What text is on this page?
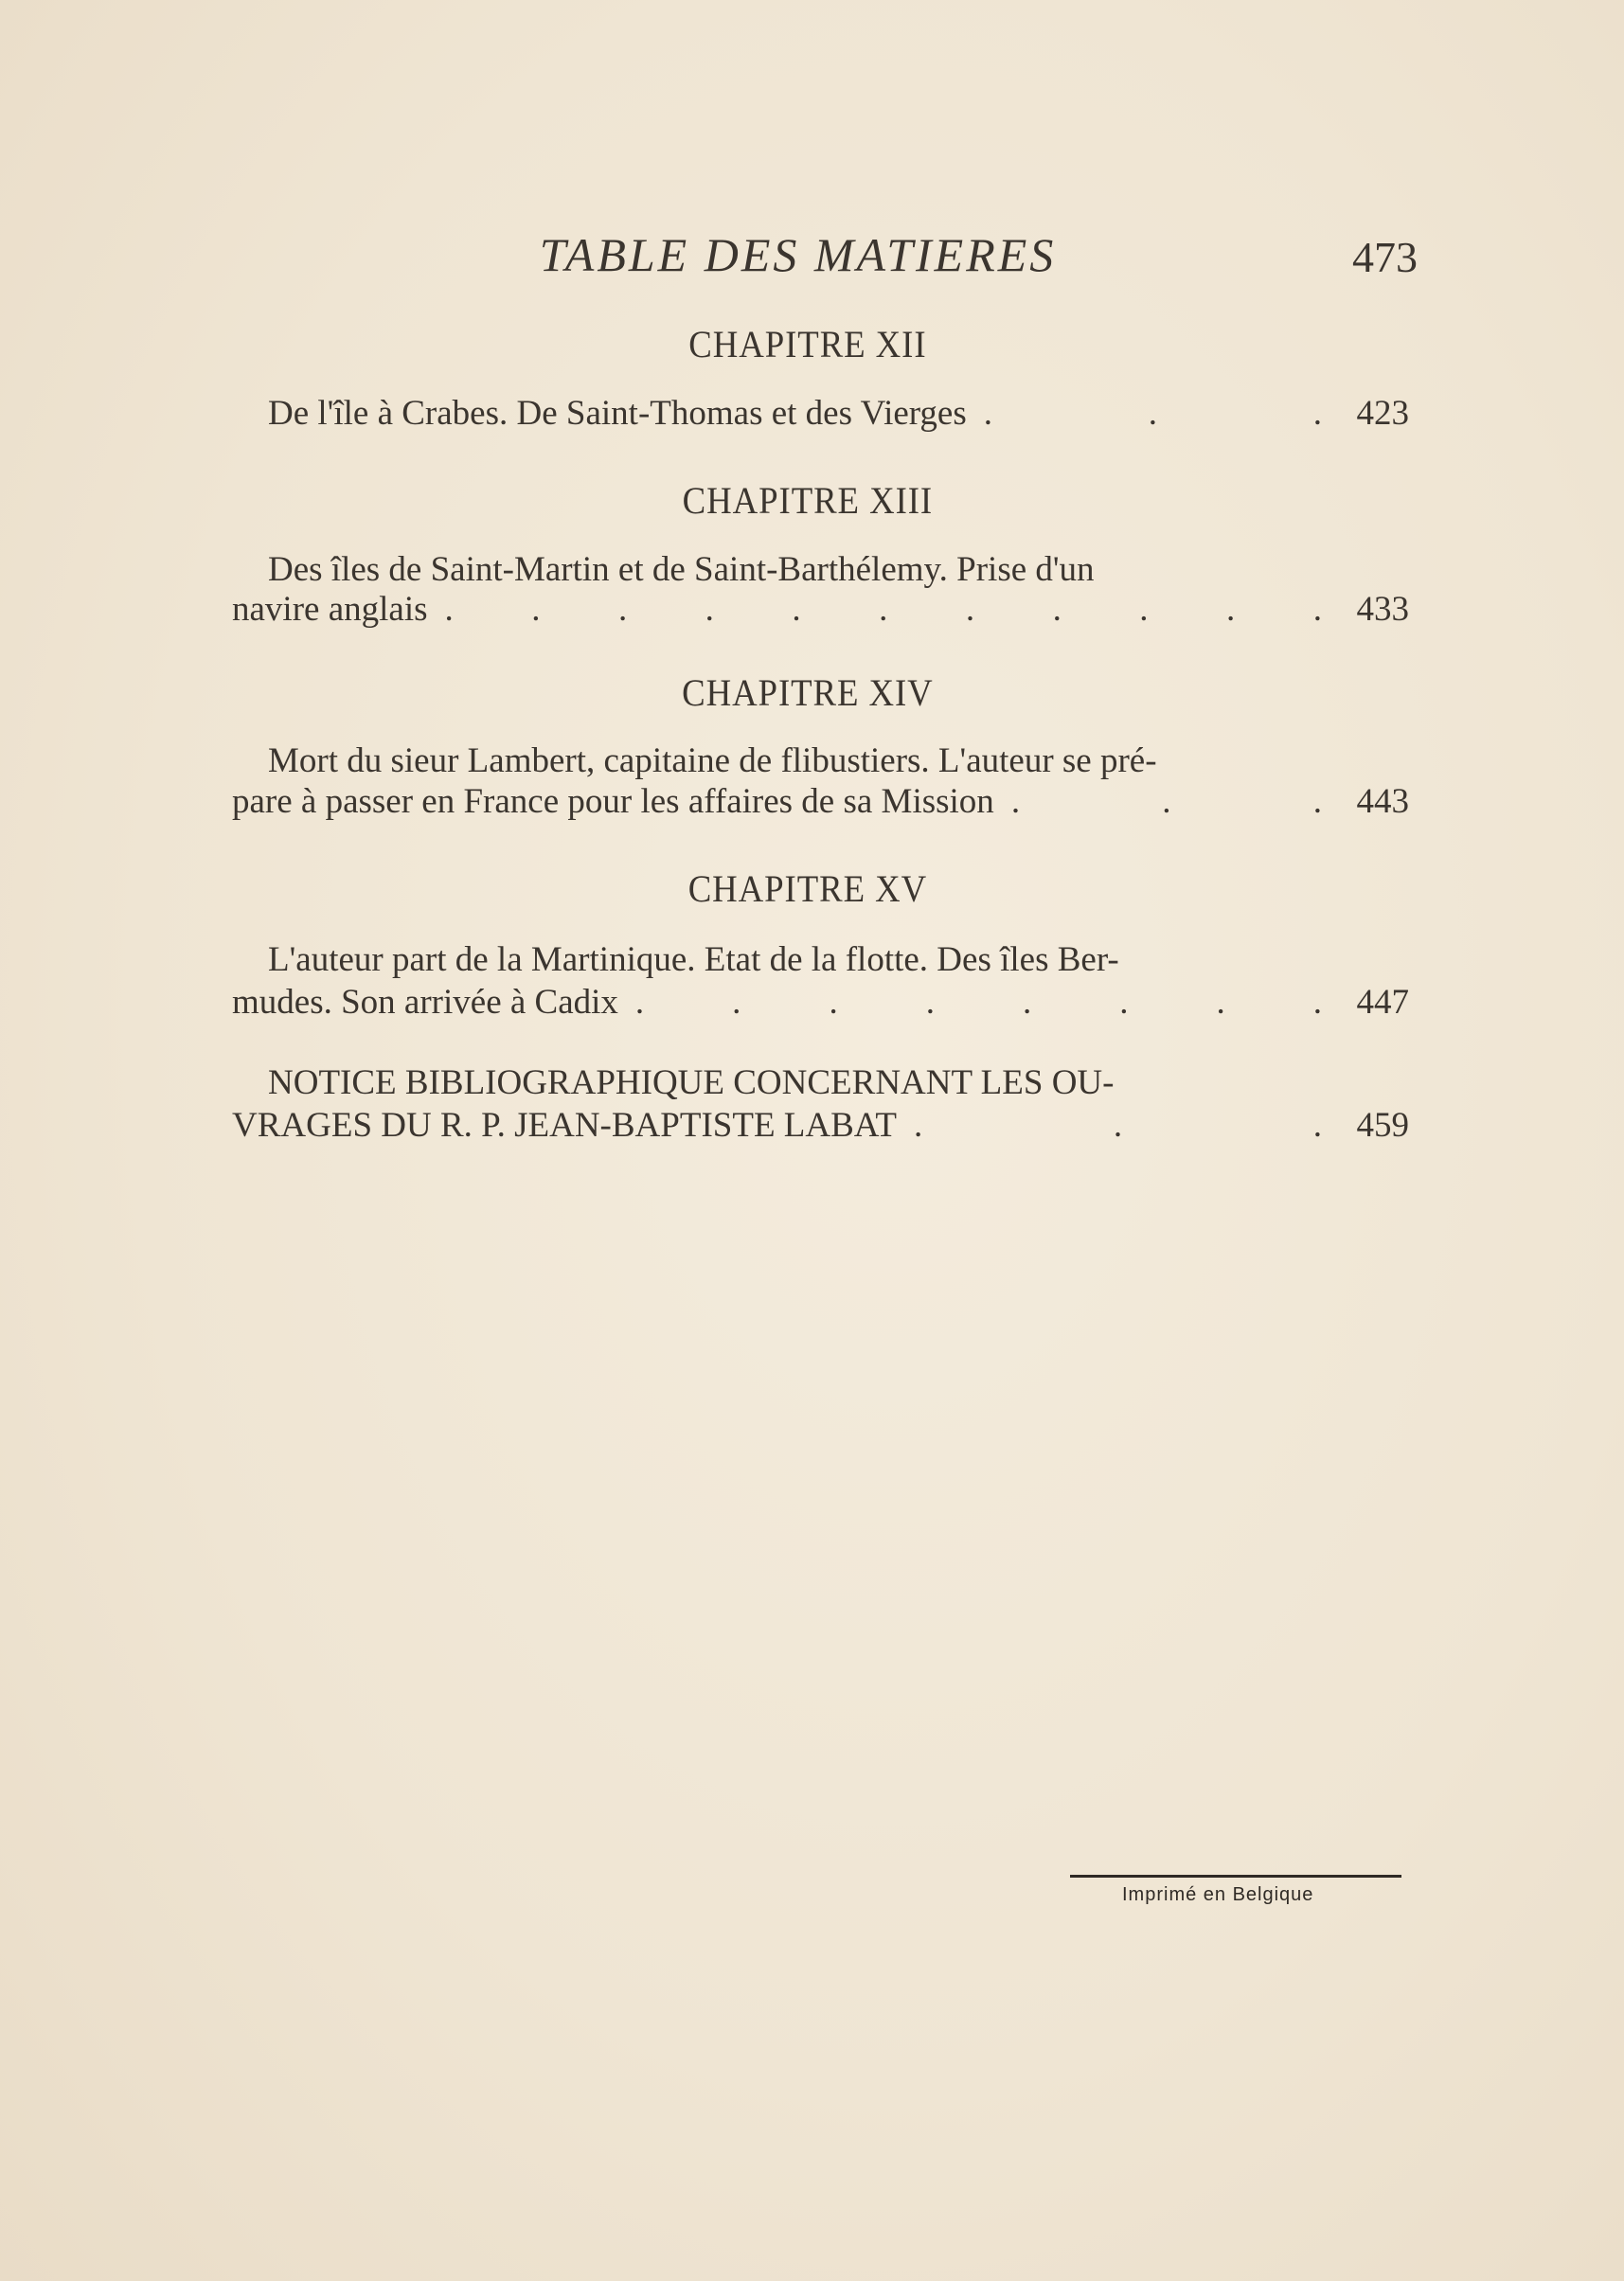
TABLE DES MATIERES	473
CHAPITRE XII
De l'île à Crabes. De Saint-Thomas et des Vierges . . . 423
CHAPITRE XIII
Des îles de Saint-Martin et de Saint-Barthélemy. Prise d'un
navire anglais . . . . . . . . . . . 433
CHAPITRE XIV
Mort du sieur Lambert, capitaine de flibustiers. L'auteur se pré-
pare à passer en France pour les affaires de sa Mission . . . 443
CHAPITRE XV
L'auteur part de la Martinique. Etat de la flotte. Des îles Ber-
mudes. Son arrivée à Cadix . . . . . . . . 447
NOTICE BIBLIOGRAPHIQUE CONCERNANT LES OU-
VRAGES DU R. P. JEAN-BAPTISTE LABAT . . . 459
Imprimé en Belgique
